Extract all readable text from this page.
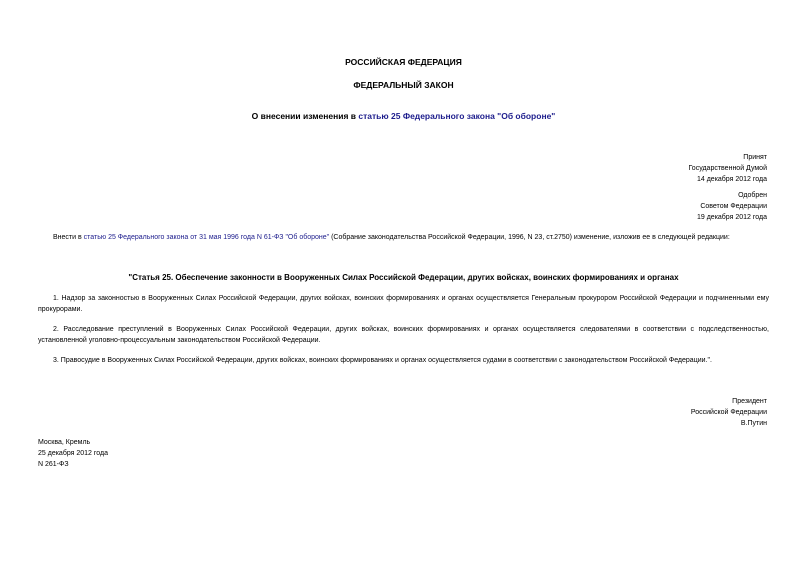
РОССИЙСКАЯ ФЕДЕРАЦИЯ
ФЕДЕРАЛЬНЫЙ ЗАКОН
О внесении изменения в статью 25 Федерального закона "Об обороне"
Принят
Государственной Думой
14 декабря 2012 года
Одобрен
Советом Федерации
19 декабря 2012 года
Внести в статью 25 Федерального закона от 31 мая 1996 года N 61-ФЗ "Об обороне" (Собрание законодательства Российской Федерации, 1996, N 23, ст.2750) изменение, изложив ее в следующей редакции:
"Статья 25. Обеспечение законности в Вооруженных Силах Российской Федерации, других войсках, воинских формированиях и органах
1. Надзор за законностью в Вооруженных Силах Российской Федерации, других войсках, воинских формированиях и органах осуществляется Генеральным прокурором Российской Федерации и подчиненными ему прокурорами.
2. Расследование преступлений в Вооруженных Силах Российской Федерации, других войсках, воинских формированиях и органах осуществляется следователями в соответствии с подследственностью, установленной уголовно-процессуальным законодательством Российской Федерации.
3. Правосудие в Вооруженных Силах Российской Федерации, других войсках, воинских формированиях и органах осуществляется судами в соответствии с законодательством Российской Федерации.".
Президент
Российской Федерации
В.Путин
Москва, Кремль
25 декабря 2012 года
N 261-ФЗ
